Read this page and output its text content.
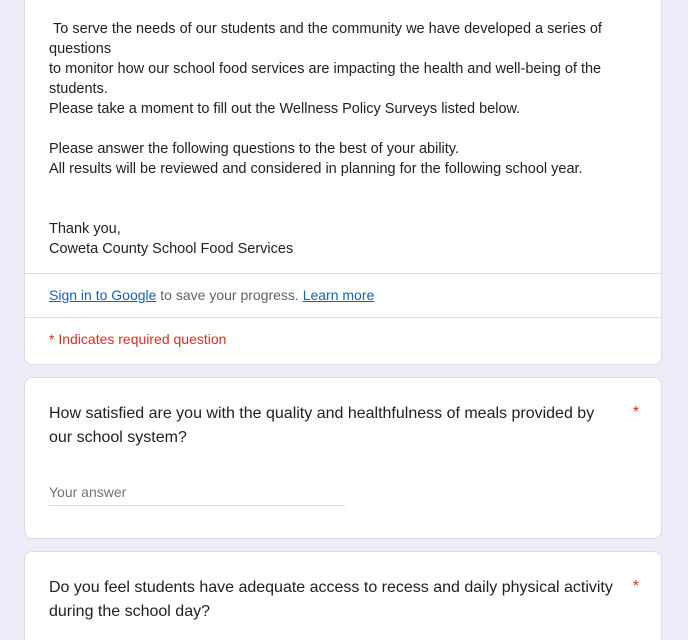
To serve the needs of our students and the community we have developed a series of questions
to monitor how our school food services are impacting the health and well-being of the students.
Please take a moment to fill out the Wellness Policy Surveys listed below.

Please answer the following questions to the best of your ability.
All results will be reviewed and considered in planning for the following school year.

Thank you,
Coweta County School Food Services
Sign in to Google to save your progress. Learn more
* Indicates required question
How satisfied are you with the quality and healthfulness of meals provided by our school system?
*
Your answer
Do you feel students have adequate access to recess and daily physical activity during the school day?
*
